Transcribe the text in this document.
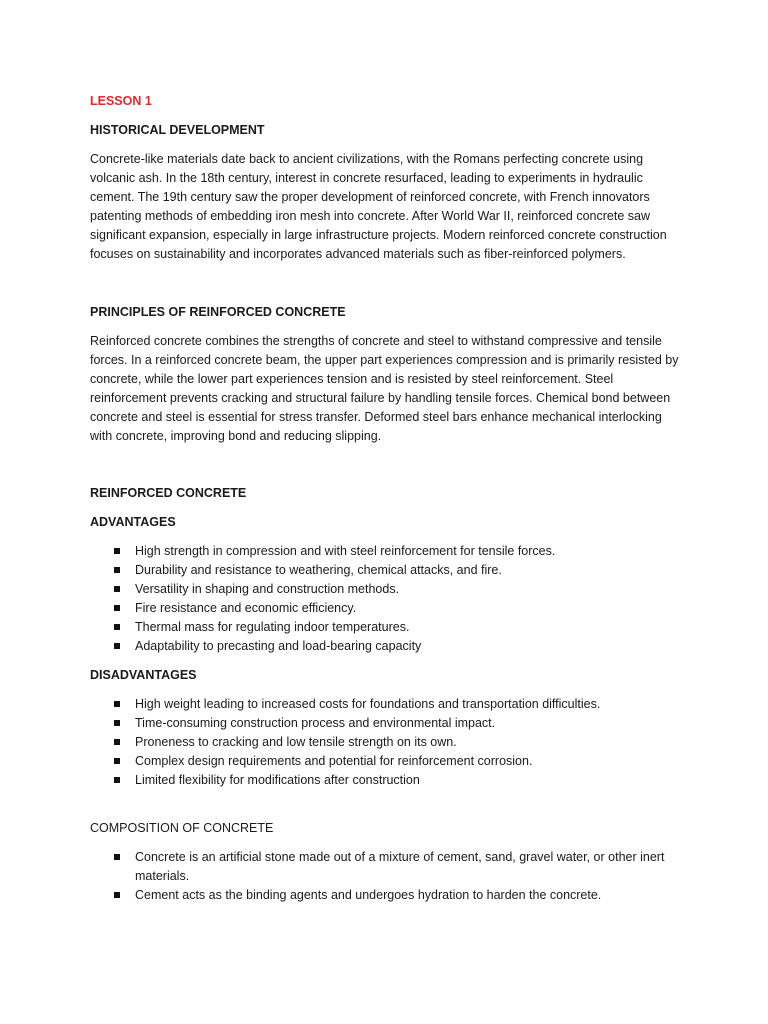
LESSON 1
HISTORICAL DEVELOPMENT
Concrete-like materials date back to ancient civilizations, with the Romans perfecting concrete using volcanic ash. In the 18th century, interest in concrete resurfaced, leading to experiments in hydraulic cement. The 19th century saw the proper development of reinforced concrete, with French innovators patenting methods of embedding iron mesh into concrete. After World War II, reinforced concrete saw significant expansion, especially in large infrastructure projects. Modern reinforced concrete construction focuses on sustainability and incorporates advanced materials such as fiber-reinforced polymers.
PRINCIPLES OF REINFORCED CONCRETE
Reinforced concrete combines the strengths of concrete and steel to withstand compressive and tensile forces. In a reinforced concrete beam, the upper part experiences compression and is primarily resisted by concrete, while the lower part experiences tension and is resisted by steel reinforcement. Steel reinforcement prevents cracking and structural failure by handling tensile forces. Chemical bond between concrete and steel is essential for stress transfer. Deformed steel bars enhance mechanical interlocking with concrete, improving bond and reducing slipping.
REINFORCED CONCRETE
ADVANTAGES
High strength in compression and with steel reinforcement for tensile forces.
Durability and resistance to weathering, chemical attacks, and fire.
Versatility in shaping and construction methods.
Fire resistance and economic efficiency.
Thermal mass for regulating indoor temperatures.
Adaptability to precasting and load-bearing capacity
DISADVANTAGES
High weight leading to increased costs for foundations and transportation difficulties.
Time-consuming construction process and environmental impact.
Proneness to cracking and low tensile strength on its own.
Complex design requirements and potential for reinforcement corrosion.
Limited flexibility for modifications after construction
COMPOSITION OF CONCRETE
Concrete is an artificial stone made out of a mixture of cement, sand, gravel water, or other inert materials.
Cement acts as the binding agents and undergoes hydration to harden the concrete.
